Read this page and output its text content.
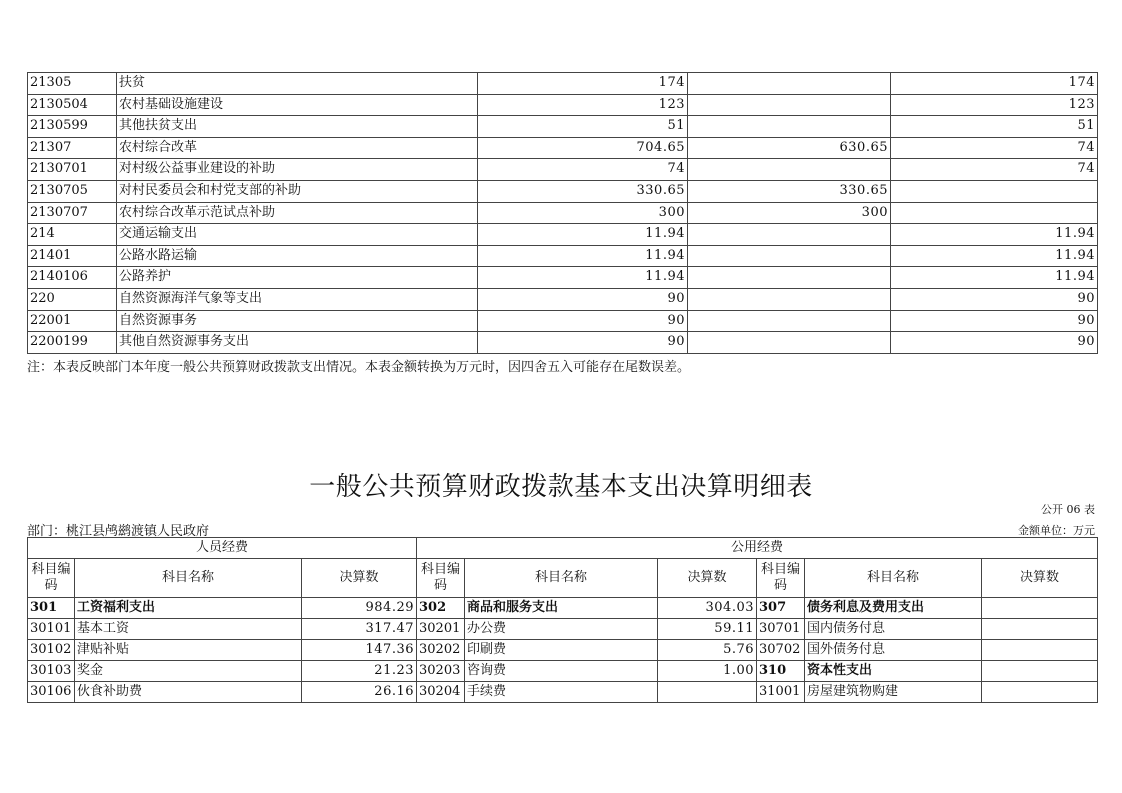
21305	扶贫	174		174
2130504	农村基础设施建设	123		123
2130599	其他扶贫支出	51		51
21307	农村综合改革	704.65	630.65	74
2130701	对村级公益事业建设的补助	74		74
2130705	对村民委员会和村党支部的补助	330.65	330.65	
2130707	农村综合改革示范试点补助	300	300	
214	交通运输支出	11.94		11.94
21401	公路水路运输	11.94		11.94
2140106	公路养护	11.94		11.94
220	自然资源海洋气象等支出	90		90
22001	自然资源事务	90		90
2200199	其他自然资源事务支出	90		90
注：本表反映部门本年度一般公共预算财政拨款支出情况。本表金额转换为万元时，因四舍五入可能存在尾数误差。
一般公共预算财政拨款基本支出决算明细表
公开 06 表
部门：桃江县鸬鹚渡镇人民政府	金额单位：万元
人员经费			公用经费					
科目编码	科目名称	决算数	科目编码	科目名称	决算数	科目编码	科目名称	决算数
301	工资福利支出	984.29	302	商品和服务支出	304.03	307	债务利息及费用支出	
30101	基本工资	317.47	30201	办公费	59.11	30701	国内债务付息	
30102	津贴补贴	147.36	30202	印刷费	5.76	30702	国外债务付息	
30103	奖金	21.23	30203	咨询费	1.00	310	资本性支出	
30106	伙食补助费	26.16	30204	手续费		31001	房屋建筑物购建	
